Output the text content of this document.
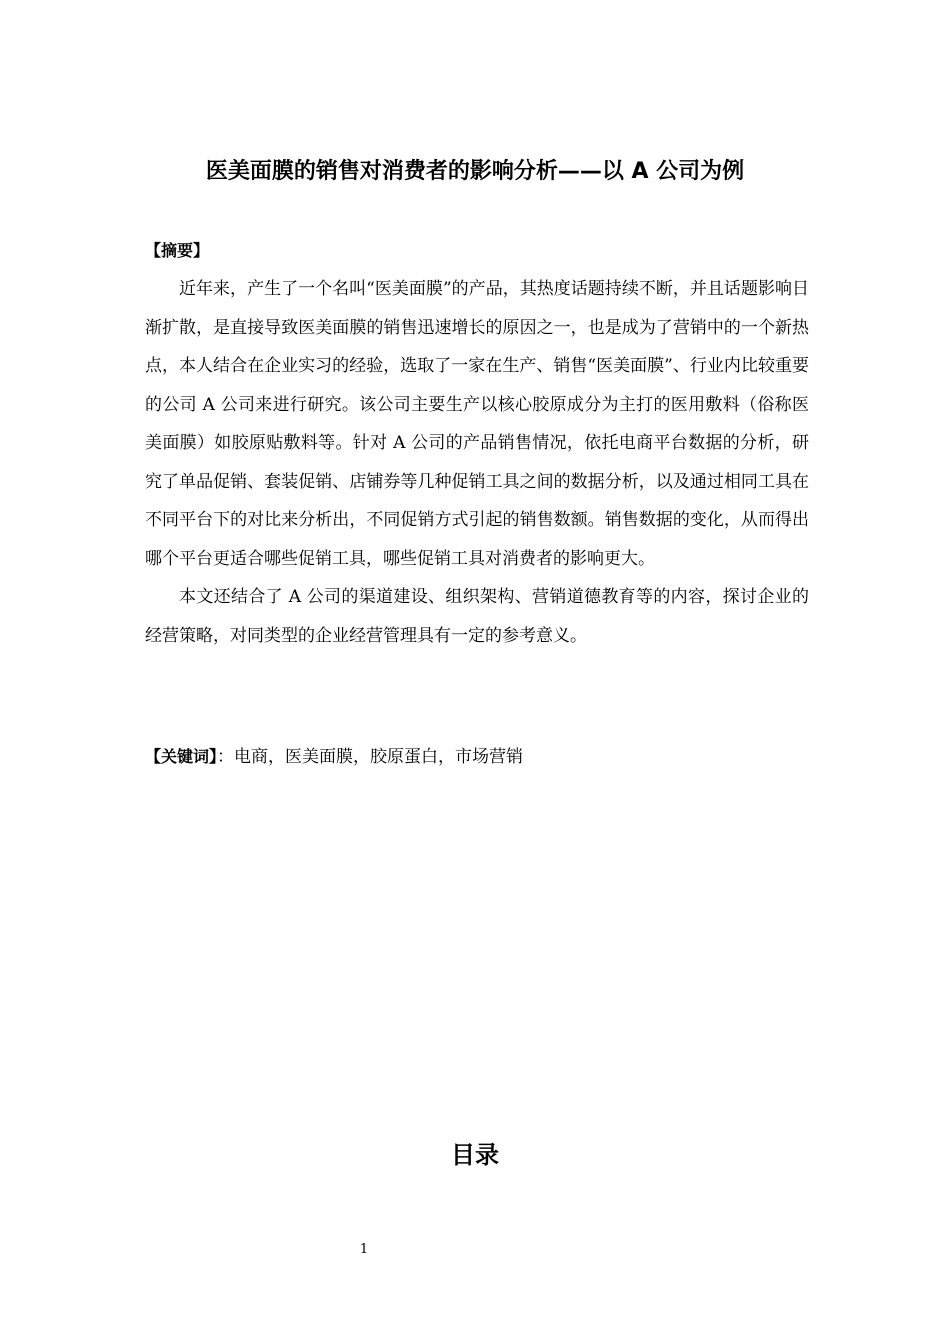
医美面膜的销售对消费者的影响分析——以 A 公司为例
【摘要】

近年来，产生了一个名叫“医美面膜”的产品，其热度话题持续不断，并且话题影响日渐扩散，是直接导致医美面膜的销售迅速增长的原因之一，也是成为了营销中的一个新热点，本人结合在企业实习的经验，选取了一家在生产、销售“医美面膜”、行业内比较重要的公司 A 公司来进行研究。该公司主要生产以核心胶原成分为主打的医用敷料（俗称医美面膜）如胶原贴敷料等。针对 A 公司的产品销售情况，依托电商平台数据的分析，研究了单品促销、套装促销、店铺券等几种促销工具之间的数据分析，以及通过相同工具在不同平台下的对比来分析出，不同促销方式引起的销售数额。销售数据的变化，从而得出哪个平台更适合哪些促销工具，哪些促销工具对消费者的影响更大。

本文还结合了 A 公司的渠道建设、组织架构、营销道德教育等的内容，探讨企业的经营策略，对同类型的企业经营管理具有一定的参考意义。

【关键词】：电商，医美面膜，胶原蛋白，市场营销

目录
1
